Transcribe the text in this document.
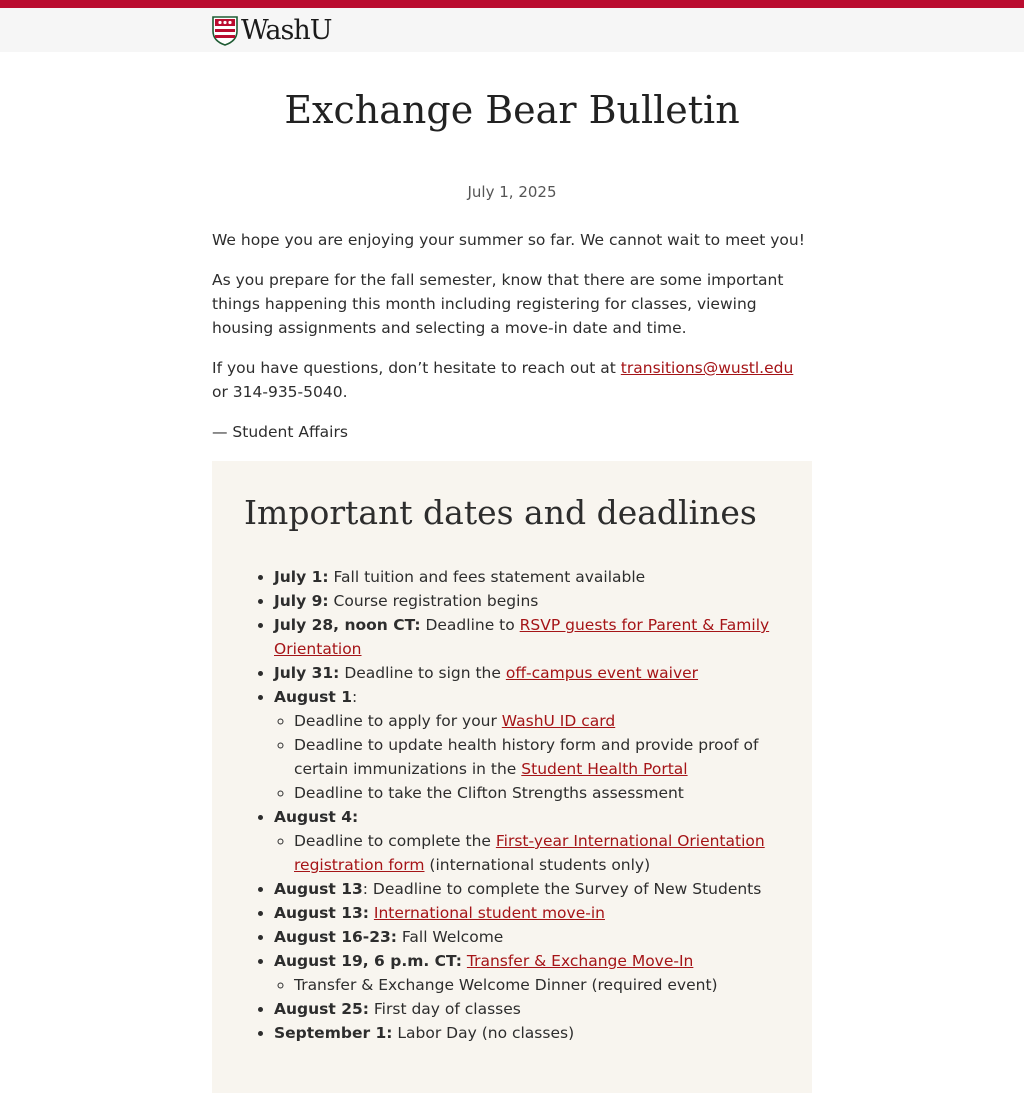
WashU
Exchange Bear Bulletin
July 1, 2025

We hope you are enjoying your summer so far. We cannot wait to meet you!

As you prepare for the fall semester, know that there are some important things happening this month including registering for classes, viewing housing assignments and selecting a move-in date and time.

If you have questions, don’t hesitate to reach out at transitions@wustl.edu or 314-935-5040.

— Student Affairs

Important dates and deadlines
• July 1: Fall tuition and fees statement available
• July 9: Course registration begins
• July 28, noon CT: Deadline to RSVP guests for Parent & Family Orientation
• July 31: Deadline to sign the off-campus event waiver
• August 1:
◦ Deadline to apply for your WashU ID card
◦ Deadline to update health history form and provide proof of certain immunizations in the Student Health Portal
◦ Deadline to take the Clifton Strengths assessment
• August 4:
◦ Deadline to complete the First-year International Orientation registration form (international students only)
• August 13: Deadline to complete the Survey of New Students
• August 13: International student move-in
• August 16-23: Fall Welcome
• August 19, 6 p.m. CT: Transfer & Exchange Move-In
◦ Transfer & Exchange Welcome Dinner (required event)
• August 25: First day of classes
• September 1: Labor Day (no classes)
